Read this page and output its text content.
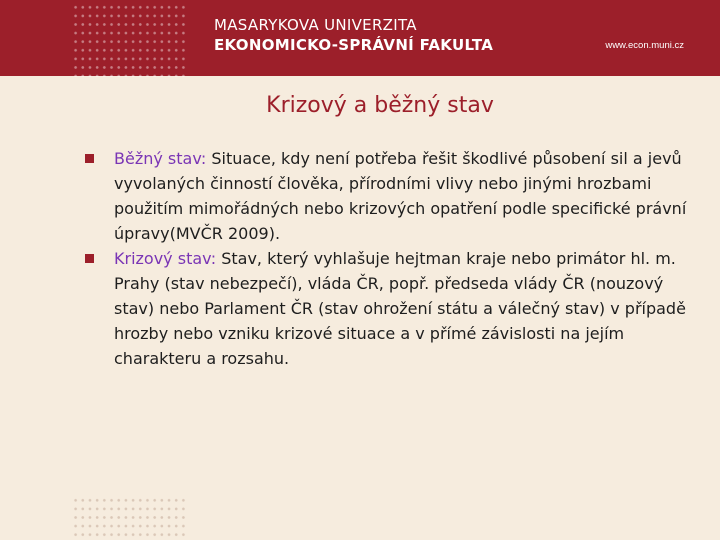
MASARYKOVA UNIVERZITA
EKONOMICKO-SPRÁVNÍ FAKULTA	www.econ.muni.cz
Krizový a běžný stav
Běžný stav: Situace, kdy není potřeba řešit škodlivé působení sil a jevů vyvolaných činností člověka, přírodními vlivy nebo jinými hrozbami použitím mimořádných nebo krizových opatření podle specifické právní úpravy(MVČR 2009).
Krizový stav: Stav, který vyhlašuje hejtman kraje nebo primátor hl. m. Prahy (stav nebezpečí), vláda ČR, popř. předseda vlády ČR (nouzový stav) nebo Parlament ČR (stav ohrožení státu a válečný stav) v případě hrozby nebo vzniku krizové situace a v přímé závislosti na jejím charakteru a rozsahu.
